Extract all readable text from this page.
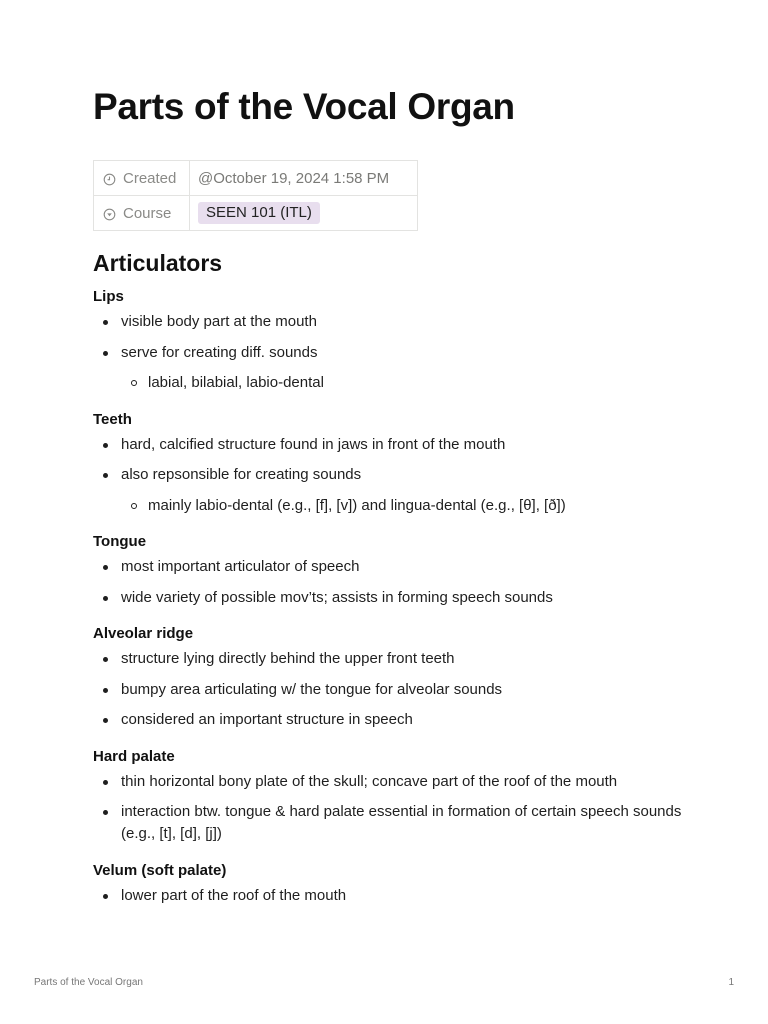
Parts of the Vocal Organ
Created	@October 19, 2024 1:58 PM

Course	SEEN 101 (ITL)
Articulators

Lips

visible body part at the mouth
serve for creating diff. sounds
labial, bilabial, labio-dental

Teeth

hard, calcified structure found in jaws in front of the mouth
also repsonsible for creating sounds
mainly labio-dental (e.g., [f], [v]) and lingua-dental (e.g., [θ], [ð])

Tongue

most important articulator of speech
wide variety of possible mov’ts; assists in forming speech sounds

Alveolar ridge

structure lying directly behind the upper front teeth
bumpy area articulating w/ the tongue for alveolar sounds
considered an important structure in speech

Hard palate

thin horizontal bony plate of the skull; concave part of the roof of the mouth
interaction btw. tongue & hard palate essential in formation of certain speech sounds (e.g., [t], [d], [j])

Velum (soft palate)

lower part of the roof of the mouth
Parts of the Vocal Organ	1
